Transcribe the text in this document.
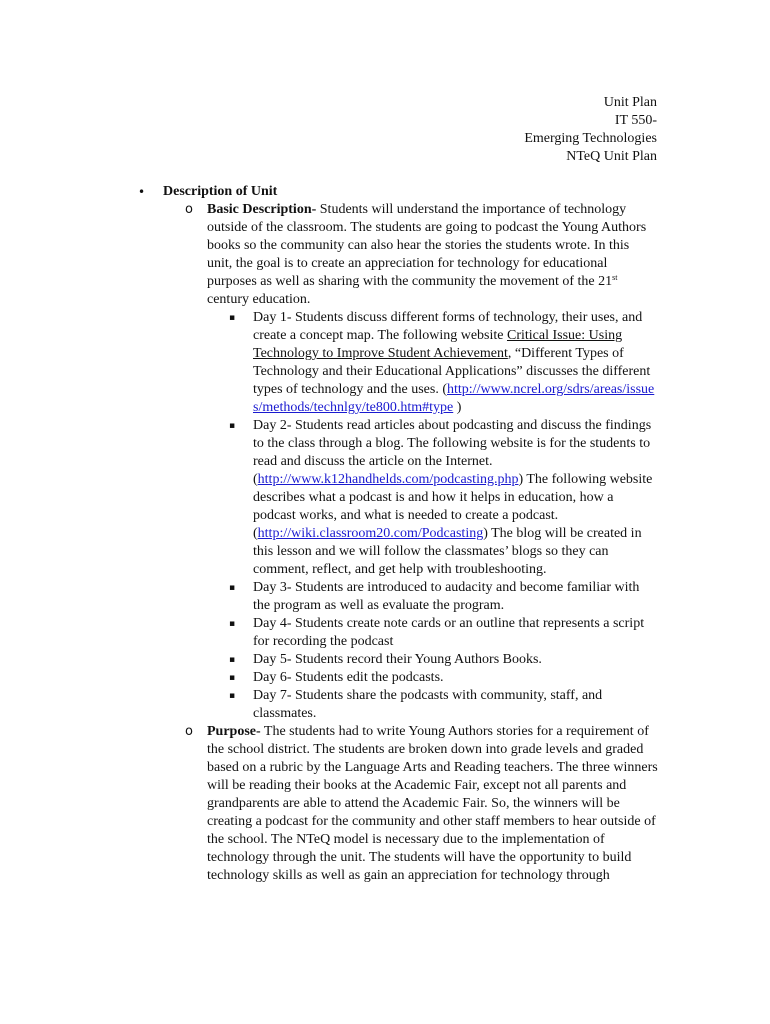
Unit Plan
IT 550-
Emerging Technologies
NTeQ Unit Plan
• Description of Unit
o Basic Description- Students will understand the importance of technology outside of the classroom. The students are going to podcast the Young Authors books so the community can also hear the stories the students wrote. In this unit, the goal is to create an appreciation for technology for educational purposes as well as sharing with the community the movement of the 21st century education.
▪ Day 1- Students discuss different forms of technology, their uses, and create a concept map. The following website Critical Issue: Using Technology to Improve Student Achievement, “Different Types of Technology and their Educational Applications” discusses the different types of technology and the uses. (http://www.ncrel.org/sdrs/areas/issues/methods/technlgy/te800.htm#type )
▪ Day 2- Students read articles about podcasting and discuss the findings to the class through a blog. The following website is for the students to read and discuss the article on the Internet. (http://www.k12handhelds.com/podcasting.php) The following website describes what a podcast is and how it helps in education, how a podcast works, and what is needed to create a podcast. (http://wiki.classroom20.com/Podcasting) The blog will be created in this lesson and we will follow the classmates’ blogs so they can comment, reflect, and get help with troubleshooting.
▪ Day 3- Students are introduced to audacity and become familiar with the program as well as evaluate the program.
▪ Day 4- Students create note cards or an outline that represents a script for recording the podcast
▪ Day 5- Students record their Young Authors Books.
▪ Day 6- Students edit the podcasts.
▪ Day 7- Students share the podcasts with community, staff, and classmates.
o Purpose- The students had to write Young Authors stories for a requirement of the school district. The students are broken down into grade levels and graded based on a rubric by the Language Arts and Reading teachers. The three winners will be reading their books at the Academic Fair, except not all parents and grandparents are able to attend the Academic Fair. So, the winners will be creating a podcast for the community and other staff members to hear outside of the school. The NTeQ model is necessary due to the implementation of technology through the unit. The students will have the opportunity to build technology skills as well as gain an appreciation for technology through
